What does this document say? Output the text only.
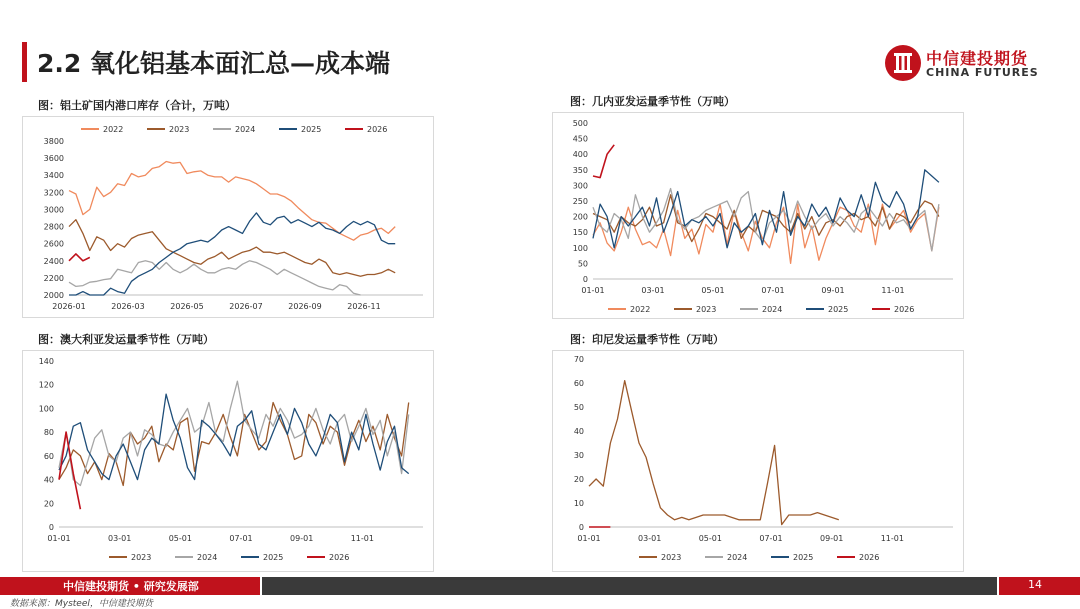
2.2 氧化铝基本面汇总—成本端	中信建投期货
CHINA FUTURES
图：铝土矿国内港口库存（合计，万吨）
2000
2200
2400
2600
2800
3000
3200
3400
3600
3800
2026-01	2026-03	2026-05	2026-07	2026-09	2026-11
2022	2023	2024	2025	2026
图：几内亚发运量季节性（万吨）
0
50
100
150
200
250
300
350
400
450
500
01-01	03-01	05-01	07-01	09-01	11-01
2022	2023	2024	2025	2026
图：澳大利亚发运量季节性（万吨）
0
20
40
60
80
100
120
140
01-01	03-01	05-01	07-01	09-01	11-01
2023	2024	2025	2026
图：印尼发运量季节性（万吨）
0
10
20
30
40
50
60
70
01-01	03-01	05-01	07-01	09-01	11-01
2023	2024	2025	2026
中信建投期货 • 研究发展部	14
数据来源：Mysteel，中信建投期货
